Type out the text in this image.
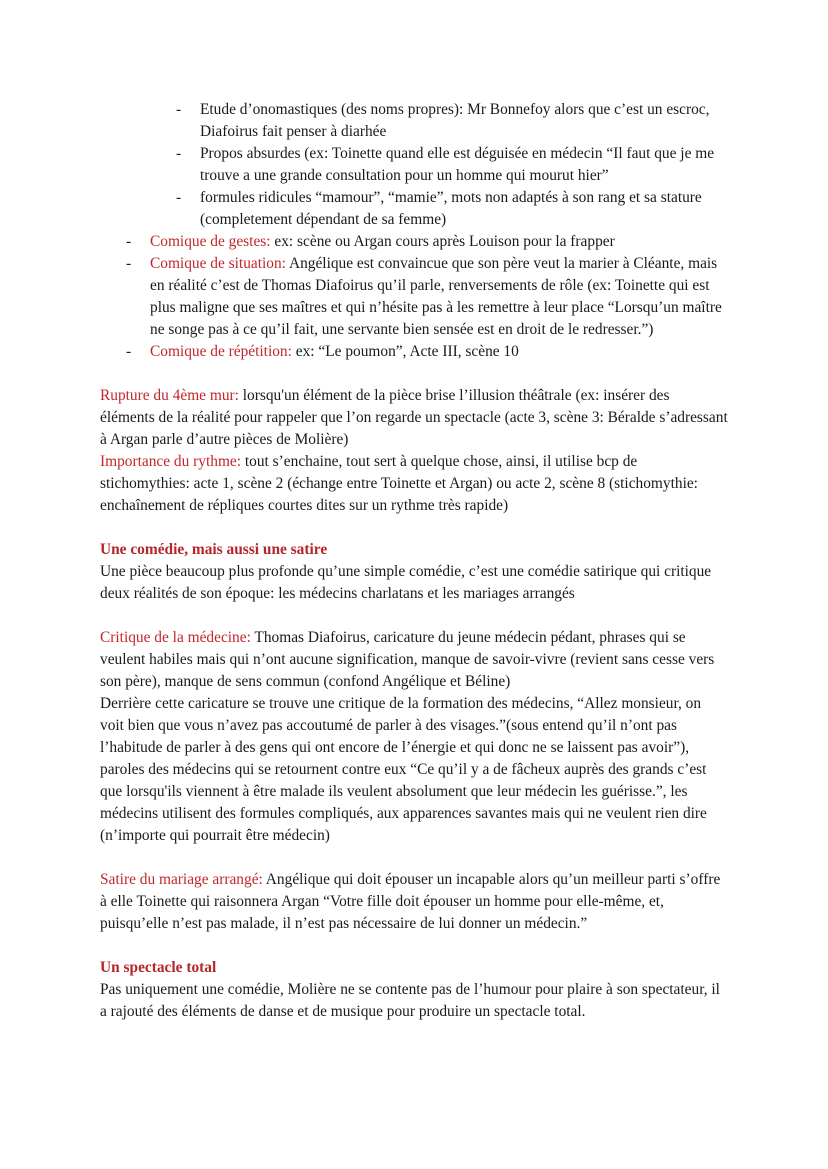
- Etude d’onomastiques (des noms propres): Mr Bonnefoy alors que c’est un escroc, Diafoirus fait penser à diarhée
- Propos absurdes (ex: Toinette quand elle est déguisée en médecin “Il faut que je me trouve a une grande consultation pour un homme qui mourut hier”
- formules ridicules “mamour”, “mamie”, mots non adaptés à son rang et sa stature (completement dépendant de sa femme)
- Comique de gestes: ex: scène ou Argan cours après Louison pour la frapper
- Comique de situation: Angélique est convaincue que son père veut la marier à Cléante, mais en réalité c’est de Thomas Diafoirus qu’il parle, renversements de rôle (ex: Toinette qui est plus maligne que ses maîtres et qui n’hésite pas à les remettre à leur place “Lorsqu’un maître ne songe pas à ce qu’il fait, une servante bien sensée est en droit de le redresser.”)
- Comique de répétition: ex: “Le poumon”, Acte III, scène 10

Rupture du 4ème mur: lorsqu'un élément de la pièce brise l’illusion théâtrale (ex: insérer des éléments de la réalité pour rappeler que l’on regarde un spectacle (acte 3, scène 3: Béralde s’adressant à Argan parle d’autre pièces de Molière)

Importance du rythme: tout s’enchaine, tout sert à quelque chose, ainsi, il utilise bcp de stichomythies: acte 1, scène 2 (échange entre Toinette et Argan) ou acte 2, scène 8 (stichomythie: enchaînement de répliques courtes dites sur un rythme très rapide)

Une comédie, mais aussi une satire

Une pièce beaucoup plus profonde qu’une simple comédie, c’est une comédie satirique qui critique deux réalités de son époque: les médecins charlatans et les mariages arrangés

Critique de la médecine: Thomas Diafoirus, caricature du jeune médecin pédant, phrases qui se veulent habiles mais qui n’ont aucune signification, manque de savoir-vivre (revient sans cesse vers son père), manque de sens commun (confond Angélique et Béline)

Derrière cette caricature se trouve une critique de la formation des médecins, “Allez monsieur, on voit bien que vous n’avez pas accoutumé de parler à des visages.”(sous entend qu’il n’ont pas l’habitude de parler à des gens qui ont encore de l’énergie et qui donc ne se laissent pas avoir”), paroles des médecins qui se retournent contre eux “Ce qu’il y a de fâcheux auprès des grands c’est que lorsqu'ils viennent à être malade ils veulent absolument que leur médecin les guérisse.”, les médecins utilisent des formules compliqués, aux apparences savantes mais qui ne veulent rien dire (n’importe qui pourrait être médecin)

Satire du mariage arrangé: Angélique qui doit épouser un incapable alors qu’un meilleur parti s’offre à elle Toinette qui raisonnera Argan “Votre fille doit épouser un homme pour elle-même, et, puisqu’elle n’est pas malade, il n’est pas nécessaire de lui donner un médecin.”

Un spectacle total

Pas uniquement une comédie, Molière ne se contente pas de l’humour pour plaire à son spectateur, il a rajouté des éléments de danse et de musique pour produire un spectacle total.
